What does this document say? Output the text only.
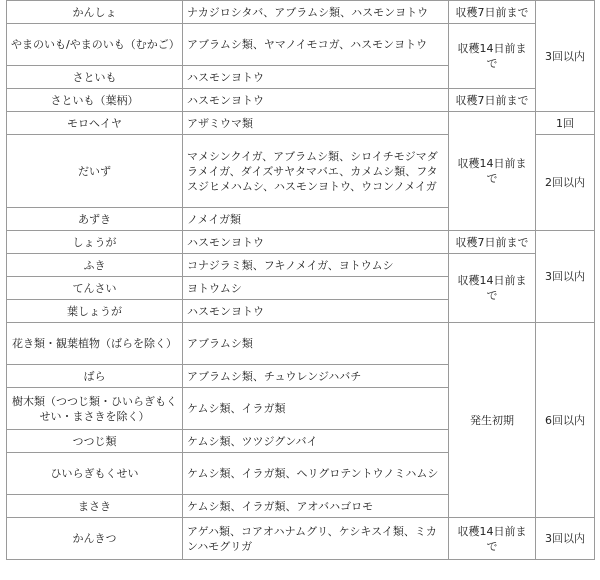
かんしょ	ナカジロシタバ、アブラムシ類、ハスモンヨトウ	収穫7日前まで	3回以内
やまのいも/やまのいも（むかご）	アブラムシ類、ヤマノイモコガ、ハスモンヨトウ	収穫14日前まで	
さといも	ハスモンヨトウ		
さといも（葉柄）	ハスモンヨトウ	収穫7日前まで	
モロヘイヤ	アザミウマ類	収穫14日前まで	1回
だいず	マメシンクイガ、アブラムシ類、シロイチモジマダラメイガ、ダイズサヤタマバエ、カメムシ類、フタスジヒメハムシ、ハスモンヨトウ、ウコンノメイガ		2回以内
あずき	ノメイガ類		
しょうが	ハスモンヨトウ	収穫7日前まで	3回以内
ふき	コナジラミ類、フキノメイガ、ヨトウムシ	収穫14日前まで	
てんさい	ヨトウムシ		
葉しょうが	ハスモンヨトウ		
花き類・観葉植物（ばらを除く）	アブラムシ類	発生初期	6回以内
ばら	アブラムシ類、チュウレンジハバチ		
樹木類（つつじ類・ひいらぎもくせい・まさきを除く）	ケムシ類、イラガ類		
つつじ類	ケムシ類、ツツジグンバイ		
ひいらぎもくせい	ケムシ類、イラガ類、ヘリグロテントウノミハムシ		
まさき	ケムシ類、イラガ類、アオバハゴロモ		
かんきつ	アゲハ類、コアオハナムグリ、ケシキスイ類、ミカンハモグリガ	収穫14日前まで	3回以内
